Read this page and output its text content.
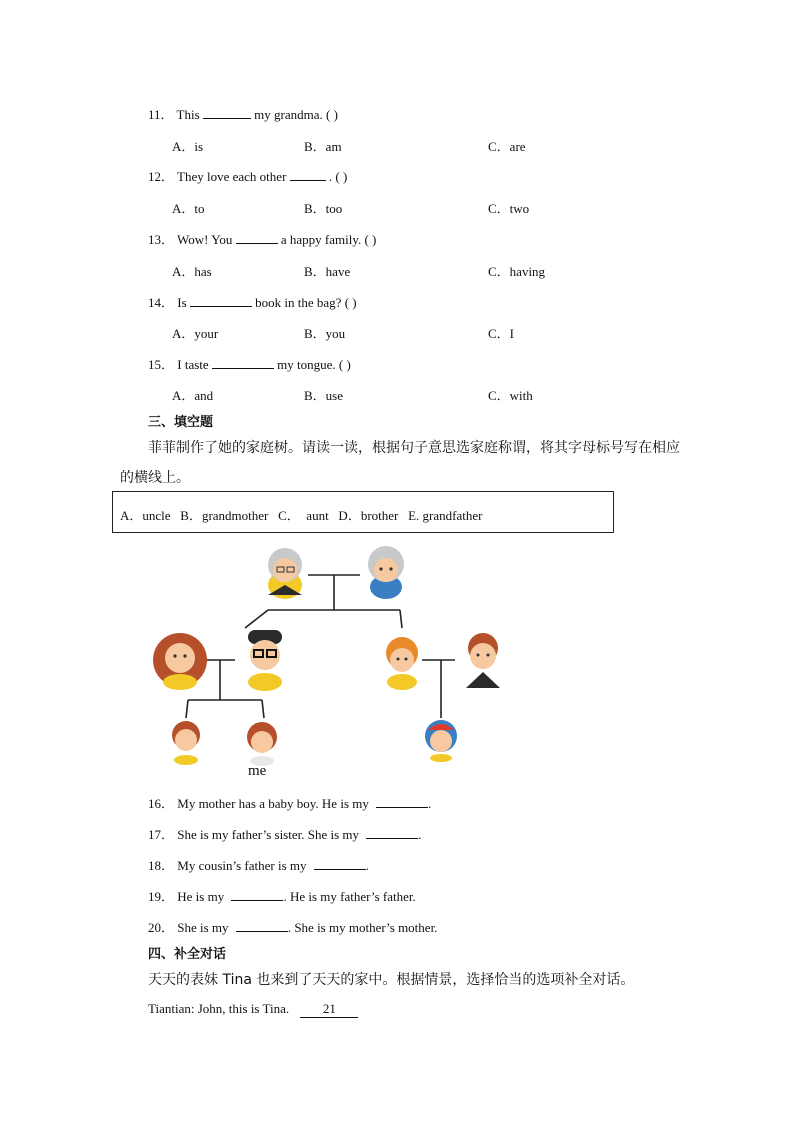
11． This	my grandma. ( )
A．is	B．am	C．are
12． They love each other	. ( )
A．to	B．too	C．two
13． Wow! You	a happy family. ( )
A．has	B．have	C．having
14． Is	book in the bag? ( )
A．your	B．you	C．I
15． I taste	my tongue. ( )
A．and	B．use	C．with
三、填空题
菲菲制作了她的家庭树。请读一读，根据句子意思选家庭称谓，将其字母标号写在相应
的横线上。
A．uncle   B．grandmother   C．  aunt   D．brother   E. grandfather
me
16． My mother has a baby boy. He is my	.
17． She is my father’s sister. She is my	.
18． My cousin’s father is my	.
19． He is my	. He is my father’s father.
20． She is my	. She is my mother’s mother.
四、补全对话
天天的表妹 Tina 也来到了天天的家中。根据情景，选择恰当的选项补全对话。
Tiantian: John, this is Tina.	21
